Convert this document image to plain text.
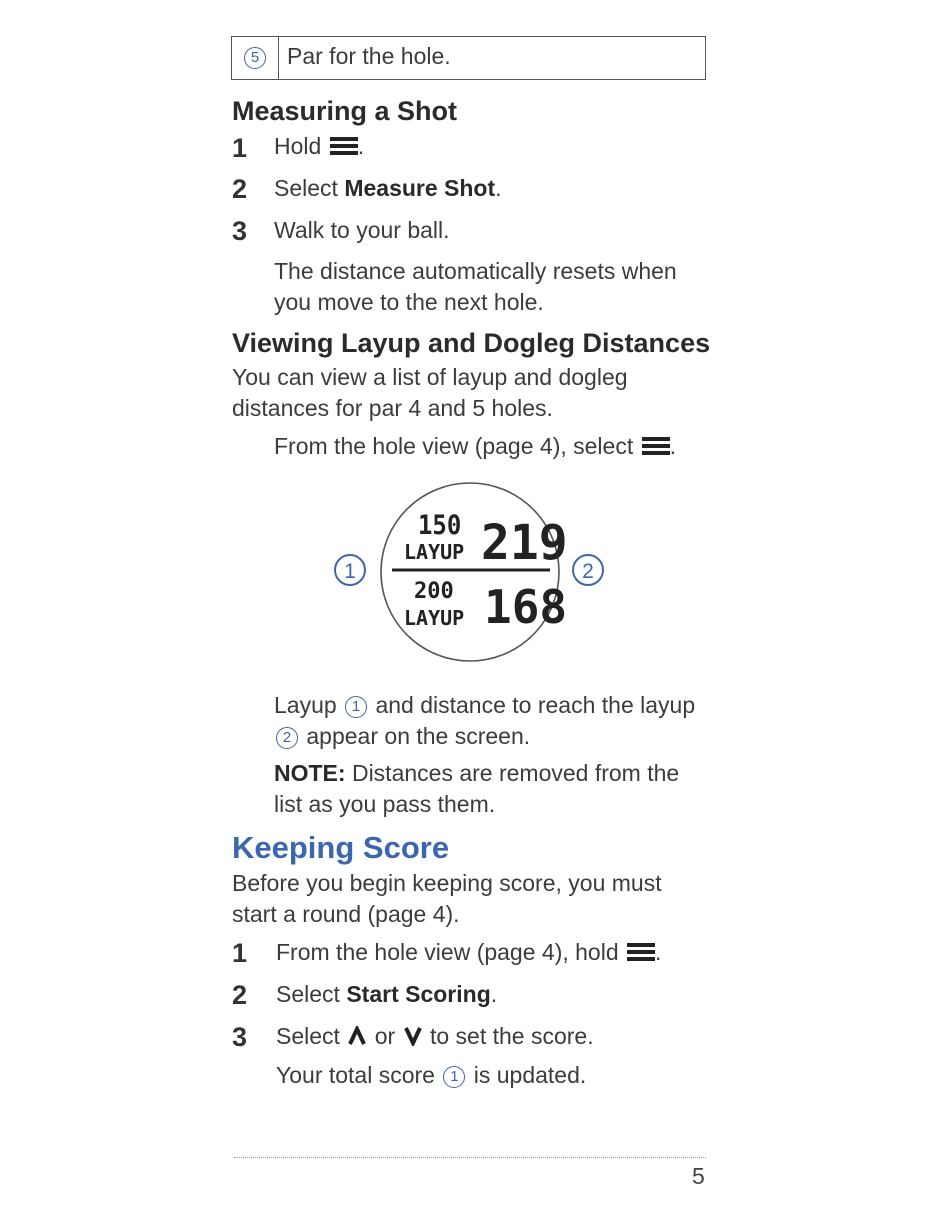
5 Par for the hole.
Measuring a Shot
1 Hold .
2 Select Measure Shot.
3 Walk to your ball.
The distance automatically resets when
you move to the next hole.
Viewing Layup and Dogleg Distances
You can view a list of layup and dogleg
distances for par 4 and 5 holes.
From the hole view (page 4), select .
1	2
150
LAYUP 219
200
LAYUP 168
Layup 1 and distance to reach the layup
2 appear on the screen.
NOTE: Distances are removed from the
list as you pass them.
Keeping Score
Before you begin keeping score, you must
start a round (page 4).
1 From the hole view (page 4), hold .
2 Select Start Scoring.
3 Select or to set the score.
Your total score 1 is updated.
5
